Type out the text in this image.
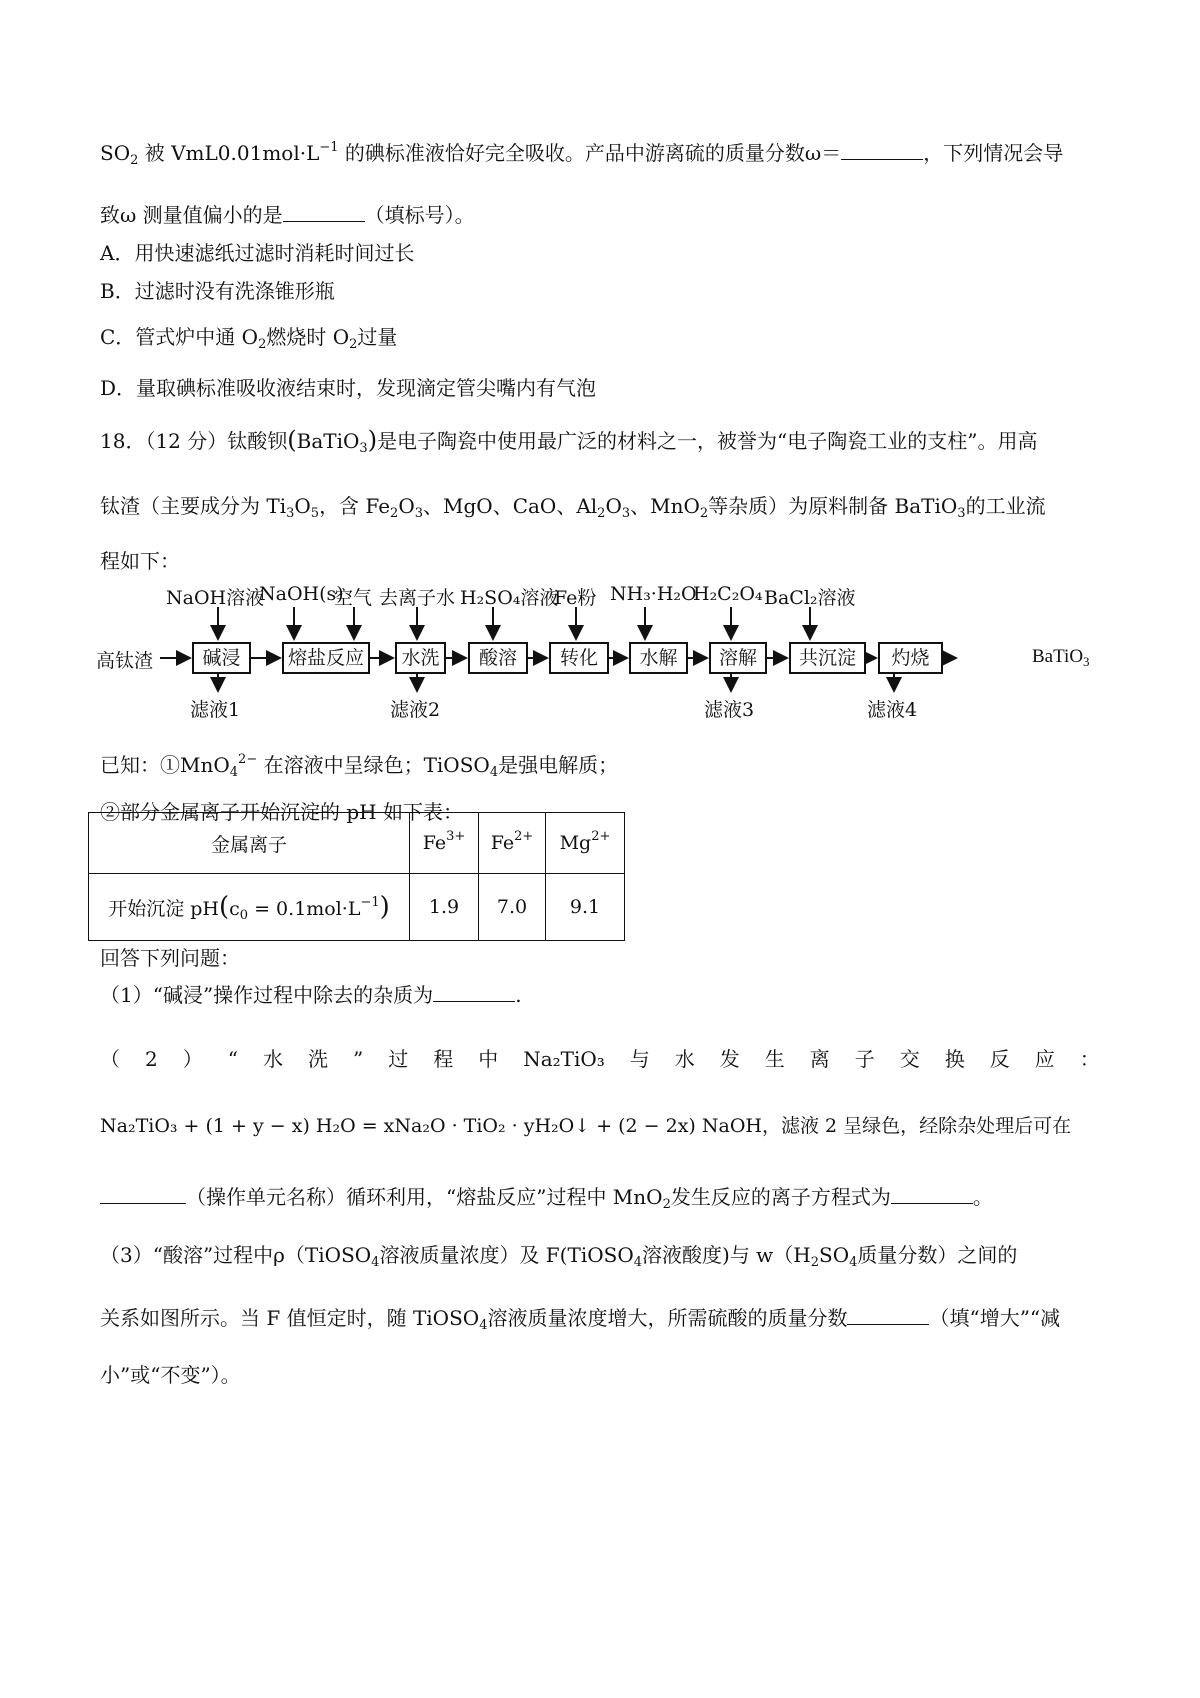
$SO_2$ 被 $VmL0.01mol\cdot L^{-1}$ 的碘标准液恰好完全吸收。产品中游离硫的质量分数ω＝	，下列情况会导
致ω 测量值偏小的是	（填标号）。
A．用快速滤纸过滤时消耗时间过长
B．过滤时没有洗涤锥形瓶
C．管式炉中通 $O_2$燃烧时 $O_2$过量
D．量取碘标准吸收液结束时，发现滴定管尖嘴内有气泡
18．（12 分）钛酸钡(BaTiO$_3$)是电子陶瓷中使用最广泛的材料之一，被誉为“电子陶瓷工业的支柱”。用高
钛渣（主要成分为 $Ti_3O_5$，含 $Fe_2O_3$、MgO、CaO、$Al_2O_3$、MnO$_2$等杂质）为原料制备 BaTiO$_3$的工业流
程如下：
高钛渣	BaTiO$_3$
碱浸	熔盐反应	水洗	酸溶	转化	水解	溶解	共沉淀	灼烧
NaOH溶液
NaOH(s)
空气 去离子水 H₂SO₄溶液
Fe粉 NH₃·H₂O
H₂C₂O₄ BaCl₂溶液
滤液1	滤液2	滤液3	滤液4
已知：①MnO$_4^{2-}$ 在溶液中呈绿色；TiOSO$_4$是强电解质；
②部分金属离子开始沉淀的 pH 如下表：
金属离子	$Fe^{3+}$	$Fe^{2+}$	$Mg^{2+}$
开始沉淀 $pH(c_0 = 0.1mol\cdot L^{-1})$	1.9	7.0	9.1
回答下列问题：
（1）“碱浸”操作过程中除去的杂质为	.
（ 2 ） “ 水 洗 ” 过 程 中 Na₂TiO₃ 与 水 发 生 离 子 交 换 反 应 ：
Na₂TiO₃ + (1 + y − x) H₂O = xNa₂O · TiO₂ · yH₂O↓ + (2 − 2x) NaOH，滤液 2 呈绿色，经除杂处理后可在
（操作单元名称）循环利用，“熔盐反应”过程中 MnO$_2$发生反应的离子方程式为	。
（3）“酸溶”过程中ρ（TiOSO$_4$溶液质量浓度）及 F(TiOSO$_4$溶液酸度)与 $w(H_2SO_4$质量分数）之间的
关系如图所示。当 F 值恒定时，随 TiOSO$_4$溶液质量浓度增大，所需硫酸的质量分数	（填“增大”“减
小”或“不变”）。
